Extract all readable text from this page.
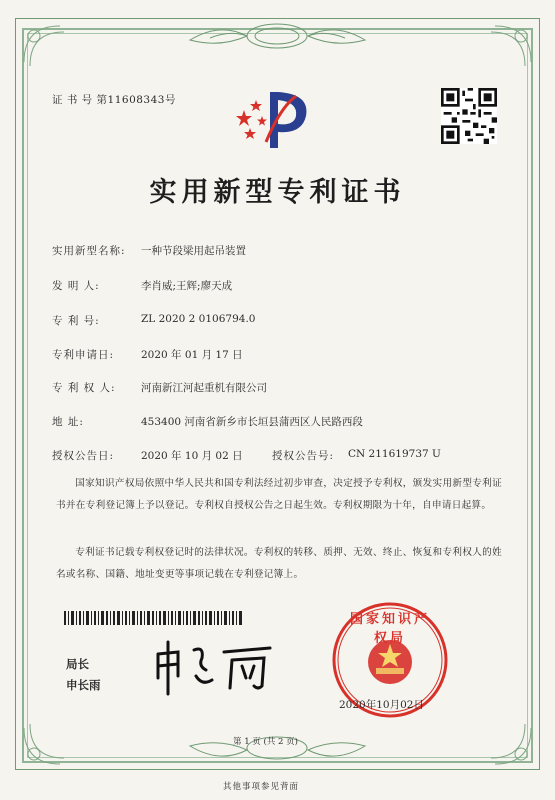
证 书 号 第11608343号
实用新型专利证书
实用新型名称: 一种节段梁用起吊装置
发 明 人:	李肖威;王辉;廖天成
专 利 号:	ZL 2020 2 0106794.0
专利申请日:	2020 年 01 月 17 日
专 利 权 人: 河南新江河起重机有限公司
地 址:	453400 河南省新乡市长垣县蒲西区人民路西段
授权公告日:	2020 年 10 月 02 日	授权公告号: CN 211619737 U
国家知识产权局依照中华人民共和国专利法经过初步审查，决定授予专利权，颁发实用新型专利证书并在专利登记簿上予以登记。专利权自授权公告之日起生效。专利权期限为十年，自申请日起算。
专利证书记载专利权登记时的法律状况。专利权的转移、质押、无效、终止、恢复和专利权人的姓名或名称、国籍、地址变更等事项记载在专利登记簿上。
局长
申长雨
国家知识产权局
2020年10月02日
第 1 页 (共 2 页)
其他事项参见背面
